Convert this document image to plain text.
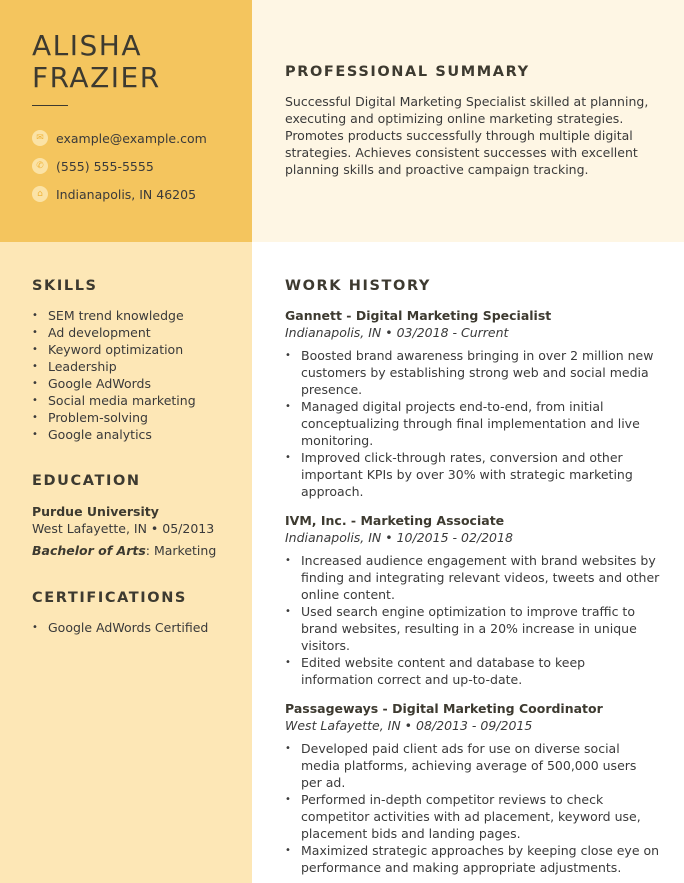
ALISHA
FRAZIER
✉ example@example.com
✆ (555) 555-5555
⌂	Indianapolis, IN 46205
PROFESSIONAL SUMMARY

Successful Digital Marketing Specialist skilled at planning, executing and optimizing online marketing strategies. Promotes products successfully through multiple digital strategies. Achieves consistent successes with excellent planning skills and proactive campaign tracking.

SKILLS
• SEM trend knowledge
• Ad development
• Keyword optimization
• Leadership
• Google AdWords
• Social media marketing
• Problem-solving
• Google analytics
EDUCATION
Purdue University
West Lafayette, IN • 05/2013
Bachelor of Arts: Marketing
CERTIFICATIONS
• Google AdWords Certified
WORK HISTORY
Gannett - Digital Marketing Specialist
Indianapolis, IN • 03/2018 - Current
• Boosted brand awareness bringing in over 2 million new customers by establishing strong web and social media presence.
• Managed digital projects end-to-end, from initial conceptualizing through final implementation and live monitoring.
• Improved click-through rates, conversion and other important KPIs by over 30% with strategic marketing approach.
IVM, Inc. - Marketing Associate
Indianapolis, IN • 10/2015 - 02/2018
• Increased audience engagement with brand websites by finding and integrating relevant videos, tweets and other online content.
• Used search engine optimization to improve traffic to brand websites, resulting in a 20% increase in unique visitors.
• Edited website content and database to keep information correct and up-to-date.
Passageways - Digital Marketing Coordinator
West Lafayette, IN • 08/2013 - 09/2015
• Developed paid client ads for use on diverse social media platforms, achieving average of 500,000 users per ad.
• Performed in-depth competitor reviews to check competitor activities with ad placement, keyword use, placement bids and landing pages.
• Maximized strategic approaches by keeping close eye on performance and making appropriate adjustments.
